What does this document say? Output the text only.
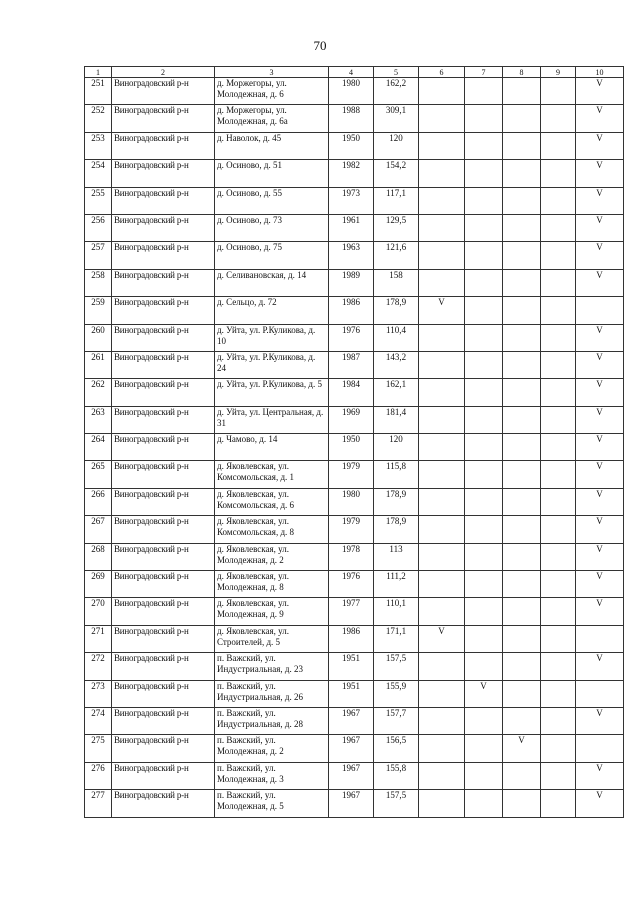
70
1	2	3	4	5	6	7	8	9	10
251	Виноградовский р-н	д. Моржегоры, ул. Молодежная, д. 6	1980	162,2					V
252	Виноградовский р-н	д. Моржегоры, ул. Молодежная, д. 6а	1988	309,1					V
253	Виноградовский р-н	д. Наволок, д. 45	1950	120					V
254	Виноградовский р-н	д. Осиново, д. 51	1982	154,2					V
255	Виноградовский р-н	д. Осиново, д. 55	1973	117,1					V
256	Виноградовский р-н	д. Осиново, д. 73	1961	129,5					V
257	Виноградовский р-н	д. Осиново, д. 75	1963	121,6					V
258	Виноградовский р-н	д. Селивановская, д. 14	1989	158					V
259	Виноградовский р-н	д. Сельцо, д. 72	1986	178,9	V				
260	Виноградовский р-н	д. Уйта, ул. Р.Куликова, д. 10	1976	110,4					V
261	Виноградовский р-н	д. Уйта, ул. Р.Куликова, д. 24	1987	143,2					V
262	Виноградовский р-н	д. Уйта, ул. Р.Куликова, д. 5	1984	162,1					V
263	Виноградовский р-н	д. Уйта, ул. Центральная, д. 31	1969	181,4					V
264	Виноградовский р-н	д. Чамово, д. 14	1950	120					V
265	Виноградовский р-н	д. Яковлевская, ул. Комсомольская, д. 1	1979	115,8					V
266	Виноградовский р-н	д. Яковлевская, ул. Комсомольская, д. 6	1980	178,9					V
267	Виноградовский р-н	д. Яковлевская, ул. Комсомольская, д. 8	1979	178,9					V
268	Виноградовский р-н	д. Яковлевская, ул. Молодежная, д. 2	1978	113					V
269	Виноградовский р-н	д. Яковлевская, ул. Молодежная, д. 8	1976	111,2					V
270	Виноградовский р-н	д. Яковлевская, ул. Молодежная, д. 9	1977	110,1					V
271	Виноградовский р-н	д. Яковлевская, ул. Строителей, д. 5	1986	171,1	V				
272	Виноградовский р-н	п. Важский, ул. Индустриальная, д. 23	1951	157,5					V
273	Виноградовский р-н	п. Важский, ул. Индустриальная, д. 26	1951	155,9		V			
274	Виноградовский р-н	п. Важский, ул. Индустриальная, д. 28	1967	157,7					V
275	Виноградовский р-н	п. Важский, ул. Молодежная, д. 2	1967	156,5			V		
276	Виноградовский р-н	п. Важский, ул. Молодежная, д. 3	1967	155,8					V
277	Виноградовский р-н	п. Важский, ул. Молодежная, д. 5	1967	157,5					V
